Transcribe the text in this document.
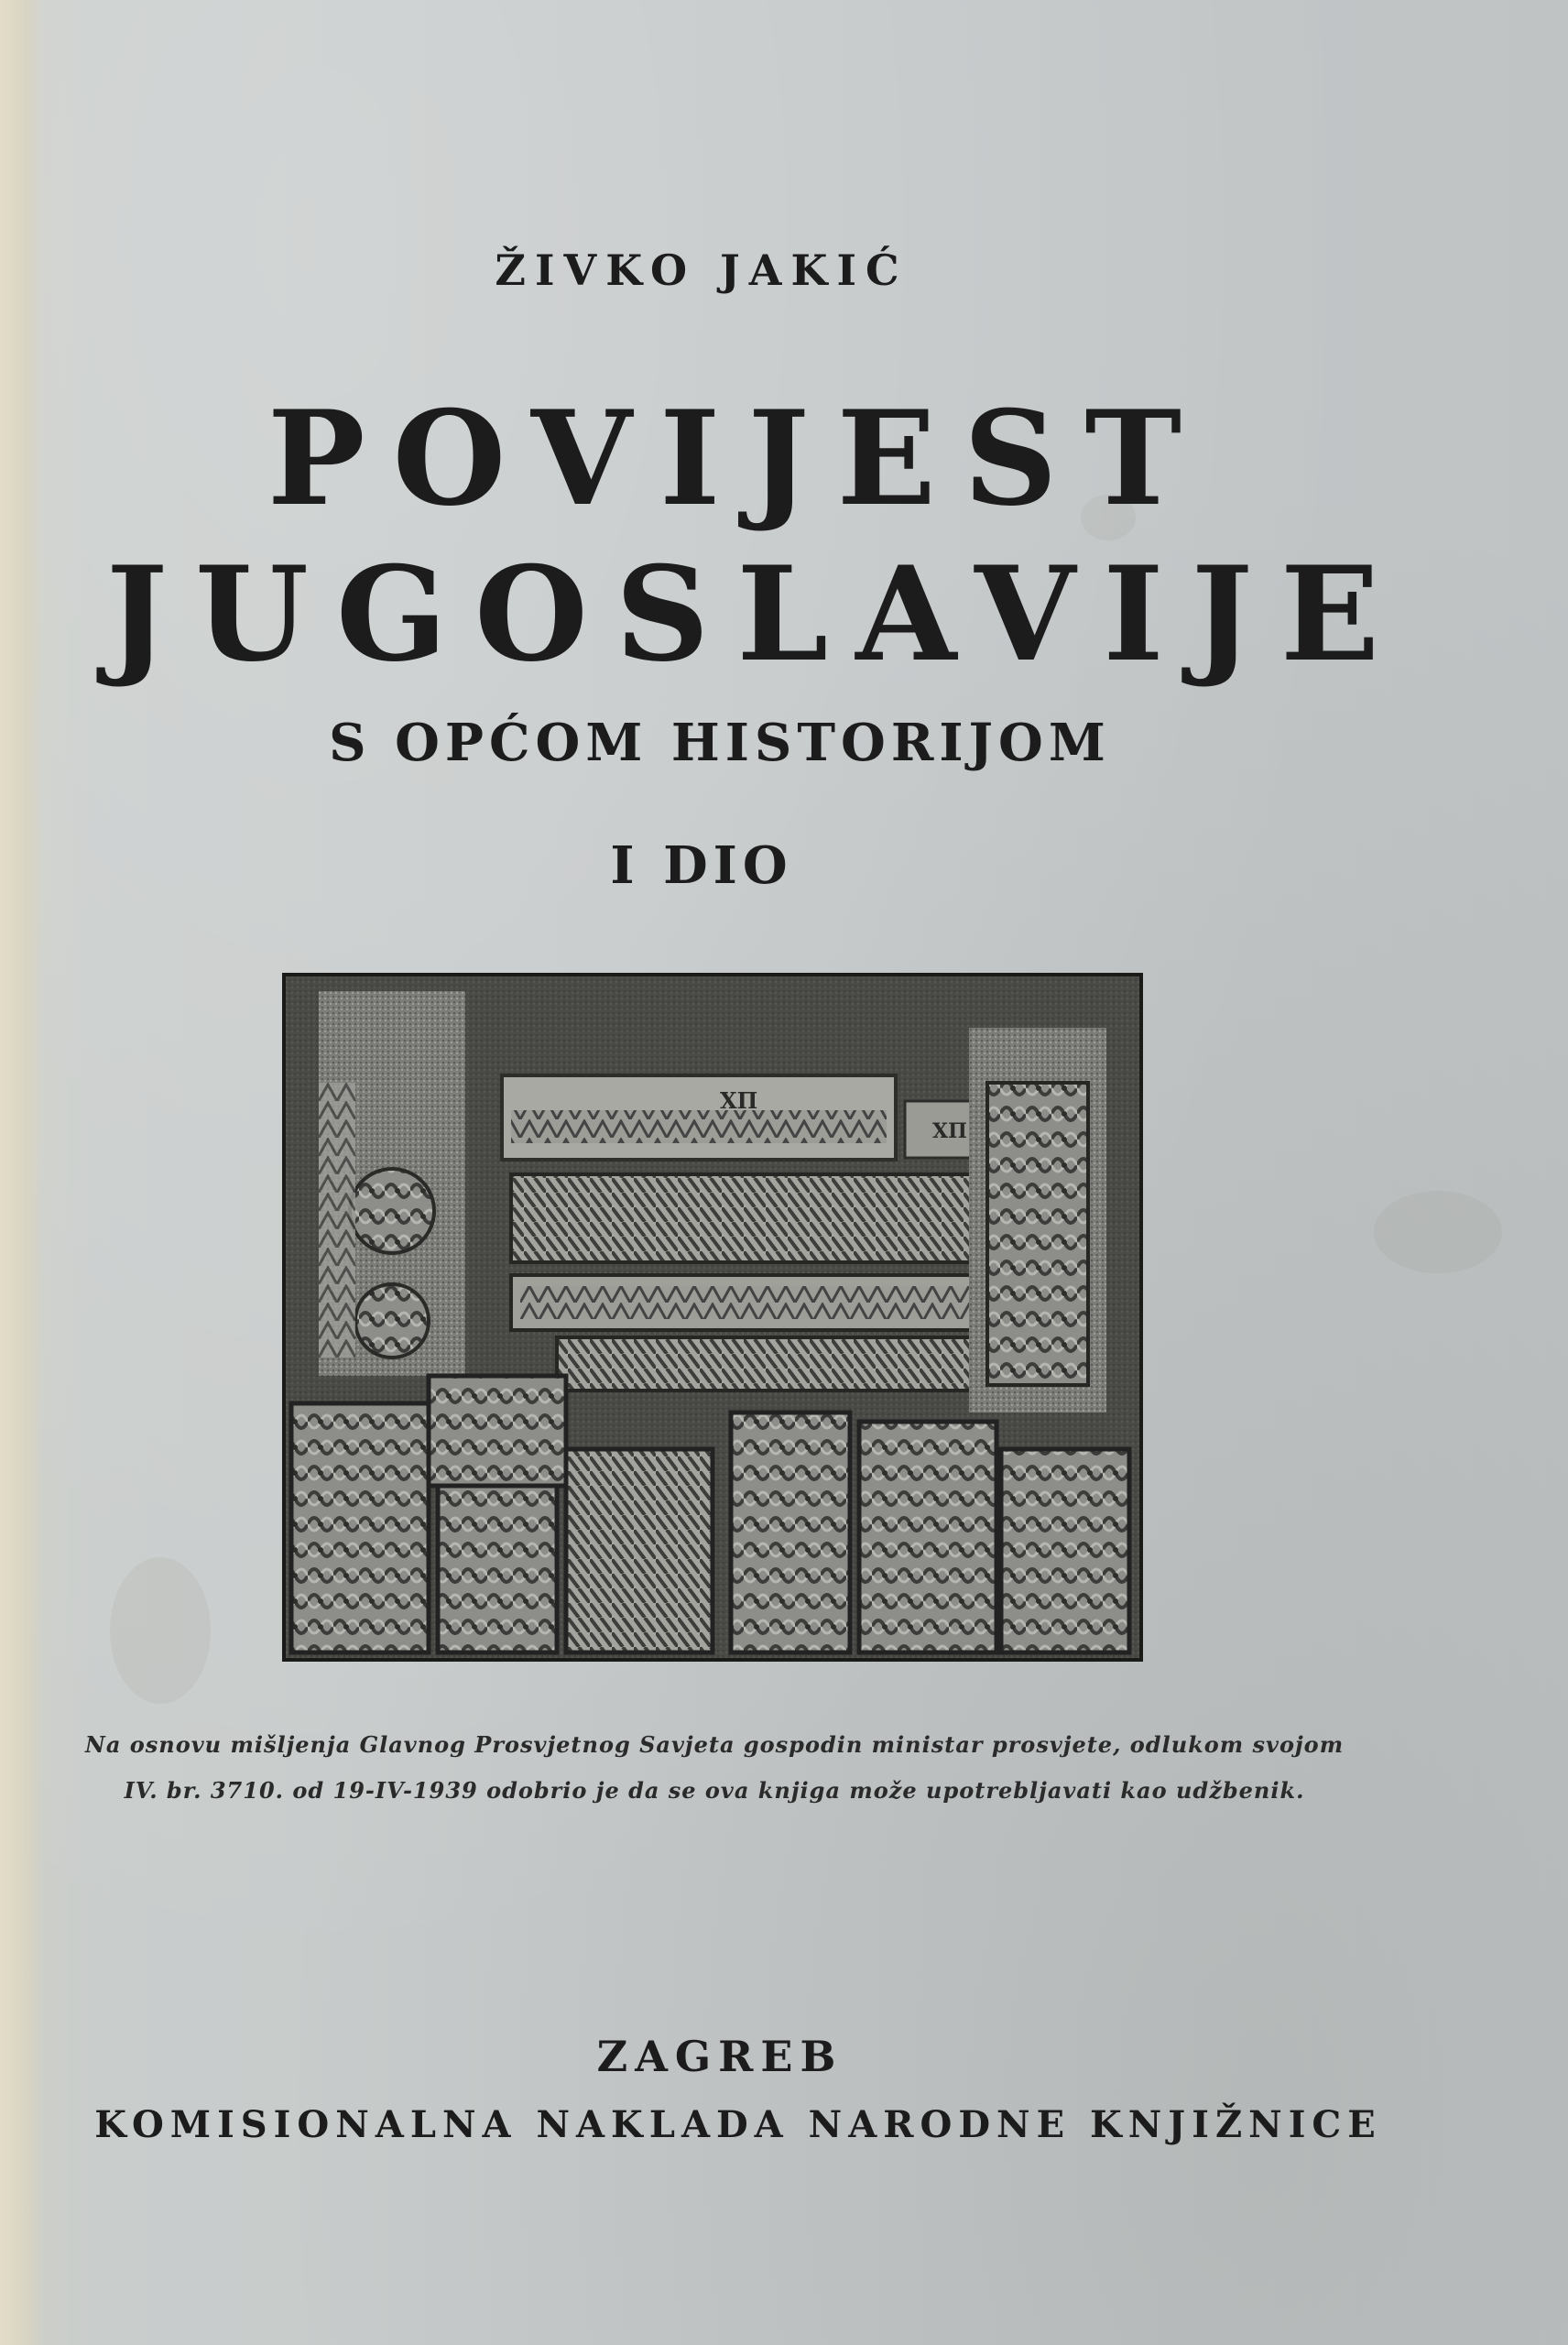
ŽIVKO JAKIĆ
POVIJEST
JUGOSLAVIJE
S OPĆOM HISTORIJOM
I DIO
ΧΠ
ΧΠ
Na osnovu mišljenja Glavnog Prosvjetnog Savjeta gospodin ministar prosvjete, odlukom svojom
IV. br. 3710. od 19-IV-1939 odobrio je da se ova knjiga može upotrebljavati kao udžbenik.
ZAGREB
KOMISIONALNA NAKLADA NARODNE KNJIŽNICE
